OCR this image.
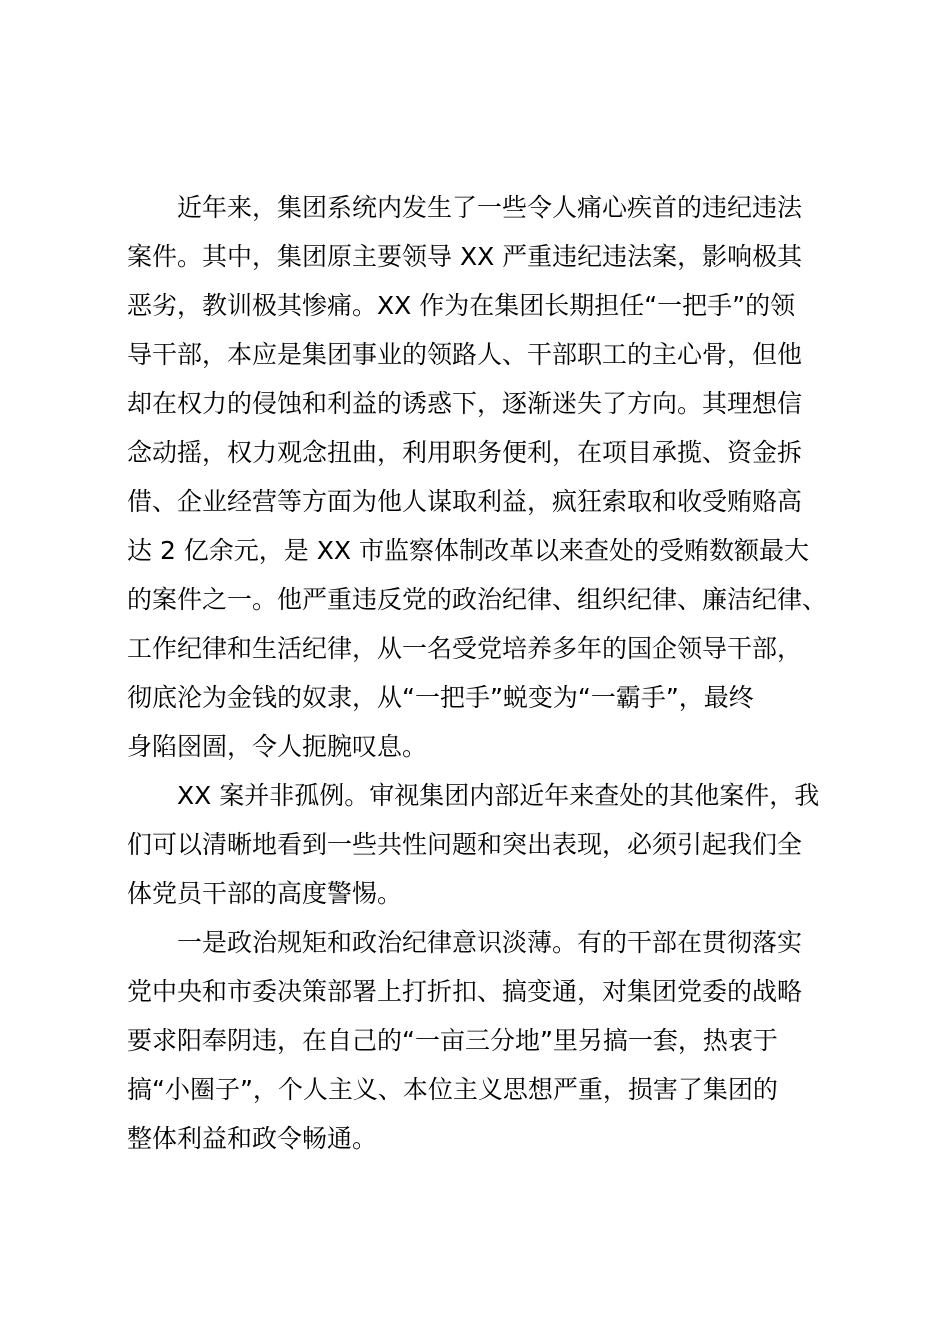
近年来，集团系统内发生了一些令人痛心疾首的违纪违法
案件。其中，集团原主要领导 XX 严重违纪违法案，影响极其
恶劣，教训极其惨痛。XX 作为在集团长期担任“一把手”的领
导干部，本应是集团事业的领路人、干部职工的主心骨，但他
却在权力的侵蚀和利益的诱惑下，逐渐迷失了方向。其理想信
念动摇，权力观念扭曲，利用职务便利，在项目承揽、资金拆
借、企业经营等方面为他人谋取利益，疯狂索取和收受贿赂高
达 2 亿余元，是 XX 市监察体制改革以来查处的受贿数额最大
的案件之一。他严重违反党的政治纪律、组织纪律、廉洁纪律、
工作纪律和生活纪律，从一名受党培养多年的国企领导干部，
彻底沦为金钱的奴隶，从“一把手”蜕变为“一霸手”，最终
身陷囹圄，令人扼腕叹息。
XX 案并非孤例。审视集团内部近年来查处的其他案件，我
们可以清晰地看到一些共性问题和突出表现，必须引起我们全
体党员干部的高度警惕。
一是政治规矩和政治纪律意识淡薄。有的干部在贯彻落实
党中央和市委决策部署上打折扣、搞变通，对集团党委的战略
要求阳奉阴违，在自己的“一亩三分地”里另搞一套，热衷于
搞“小圈子”，个人主义、本位主义思想严重，损害了集团的
整体利益和政令畅通。
